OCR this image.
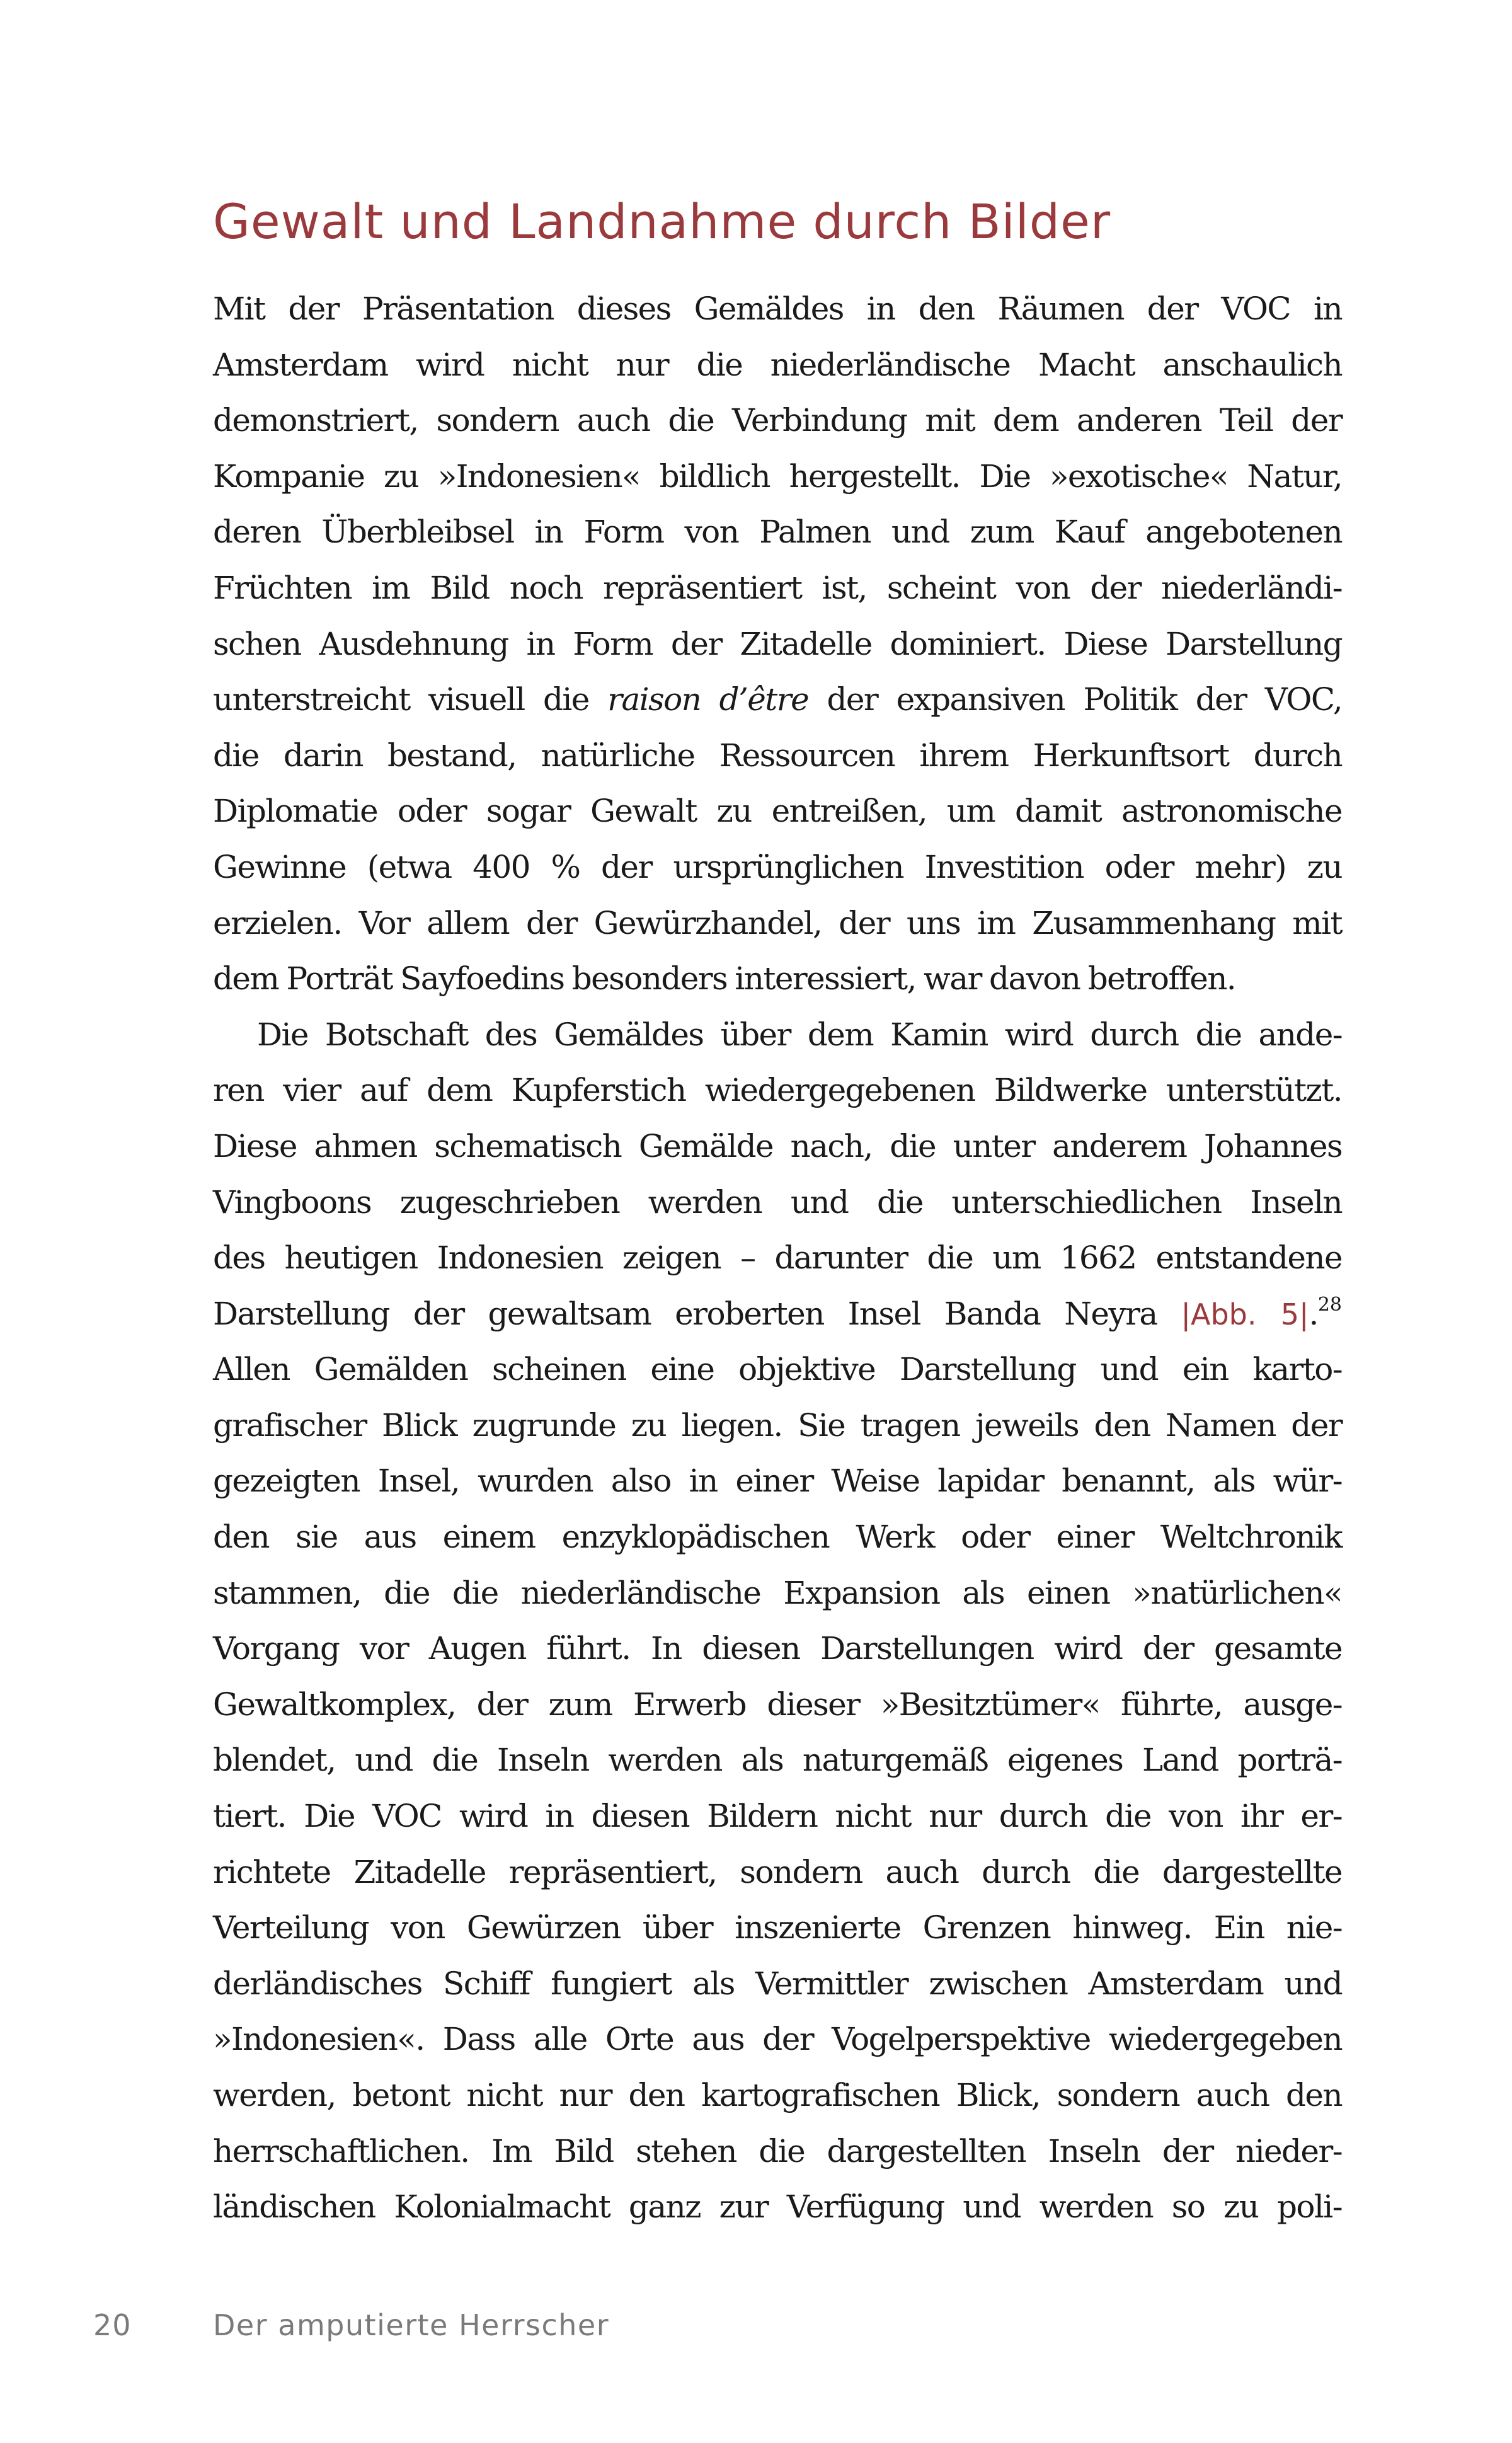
Gewalt und Landnahme durch Bilder
Mit der Präsentation dieses Gemäldes in den Räumen der VOC in
Amsterdam wird nicht nur die niederländische Macht anschaulich
demonstriert, sondern auch die Verbindung mit dem anderen Teil der
Kompanie zu »Indonesien« bildlich hergestellt. Die »exotische« Natur,
deren Überbleibsel in Form von Palmen und zum Kauf angebotenen
Früchten im Bild noch repräsentiert ist, scheint von der niederländi-
schen Ausdehnung in Form der Zitadelle dominiert. Diese Darstellung
unterstreicht visuell die raison d’être der expansiven Politik der VOC,
die darin bestand, natürliche Ressourcen ihrem Herkunftsort durch
Diplomatie oder sogar Gewalt zu entreißen, um damit astronomische
Gewinne (etwa 400 % der ursprünglichen Investition oder mehr) zu
erzielen. Vor allem der Gewürzhandel, der uns im Zusammenhang mit
dem Porträt Sayfoedins besonders interessiert, war davon betroffen.
Die Botschaft des Gemäldes über dem Kamin wird durch die ande-
ren vier auf dem Kupferstich wiedergegebenen Bildwerke unterstützt.
Diese ahmen schematisch Gemälde nach, die unter anderem Johannes
Vingboons zugeschrieben werden und die unterschiedlichen Inseln
des heutigen Indonesien zeigen – darunter die um 1662 entstandene
Darstellung der gewaltsam eroberten Insel Banda Neyra |Abb. 5|.$^{28}$
Allen Gemälden scheinen eine objektive Darstellung und ein karto-
grafischer Blick zugrunde zu liegen. Sie tragen jeweils den Namen der
gezeigten Insel, wurden also in einer Weise lapidar benannt, als wür-
den sie aus einem enzyklopädischen Werk oder einer Weltchronik
stammen, die die niederländische Expansion als einen »natürlichen«
Vorgang vor Augen führt. In diesen Darstellungen wird der gesamte
Gewaltkomplex, der zum Erwerb dieser »Besitztümer« führte, ausge-
blendet, und die Inseln werden als naturgemäß eigenes Land porträ-
tiert. Die VOC wird in diesen Bildern nicht nur durch die von ihr er-
richtete Zitadelle repräsentiert, sondern auch durch die dargestellte
Verteilung von Gewürzen über inszenierte Grenzen hinweg. Ein nie-
derländisches Schiff fungiert als Vermittler zwischen Amsterdam und
»Indonesien«. Dass alle Orte aus der Vogelperspektive wiedergegeben
werden, betont nicht nur den kartografischen Blick, sondern auch den
herrschaftlichen. Im Bild stehen die dargestellten Inseln der nieder-
ländischen Kolonialmacht ganz zur Verfügung und werden so zu poli-
20	Der amputierte Herrscher
